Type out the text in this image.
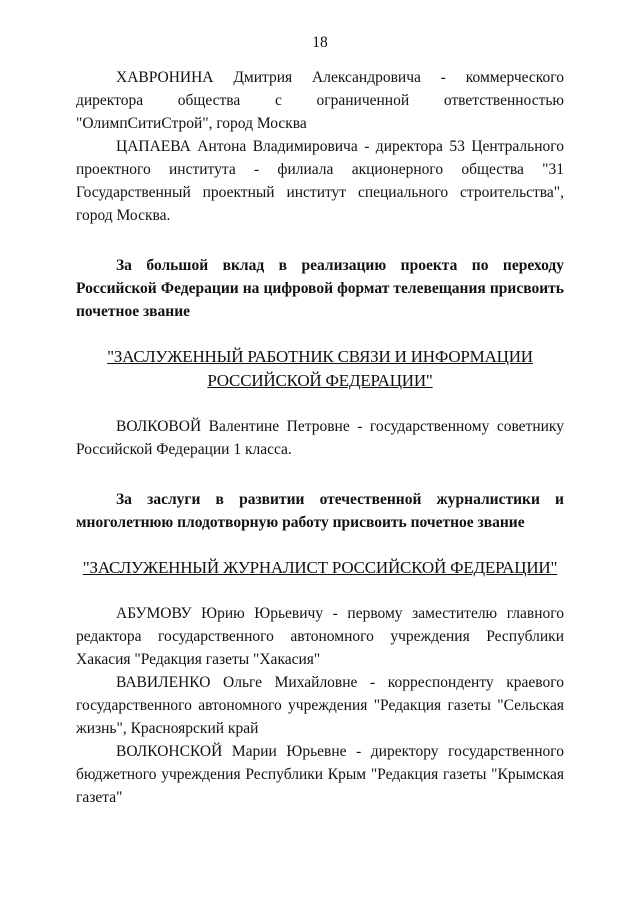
18

ХАВРОНИНА Дмитрия Александровича - коммерческого директора общества с ограниченной ответственностью "ОлимпСитиСтрой", город Москва

ЦАПАЕВА Антона Владимировича - директора 53 Центрального проектного института - филиала акционерного общества "31 Государственный проектный институт специального строительства", город Москва.

За большой вклад в реализацию проекта по переходу Российской Федерации на цифровой формат телевещания присвоить почетное звание

"ЗАСЛУЖЕННЫЙ РАБОТНИК СВЯЗИ И ИНФОРМАЦИИ
РОССИЙСКОЙ ФЕДЕРАЦИИ"

ВОЛКОВОЙ Валентине Петровне - государственному советнику Российской Федерации 1 класса.

За заслуги в развитии отечественной журналистики и многолетнюю плодотворную работу присвоить почетное звание

"ЗАСЛУЖЕННЫЙ ЖУРНАЛИСТ РОССИЙСКОЙ ФЕДЕРАЦИИ"

АБУМОВУ Юрию Юрьевичу - первому заместителю главного редактора государственного автономного учреждения Республики Хакасия "Редакция газеты "Хакасия"

ВАВИЛЕНКО Ольге Михайловне - корреспонденту краевого государственного автономного учреждения "Редакция газеты "Сельская жизнь", Красноярский край

ВОЛКОНСКОЙ Марии Юрьевне - директору государственного бюджетного учреждения Республики Крым "Редакция газеты "Крымская газета"
